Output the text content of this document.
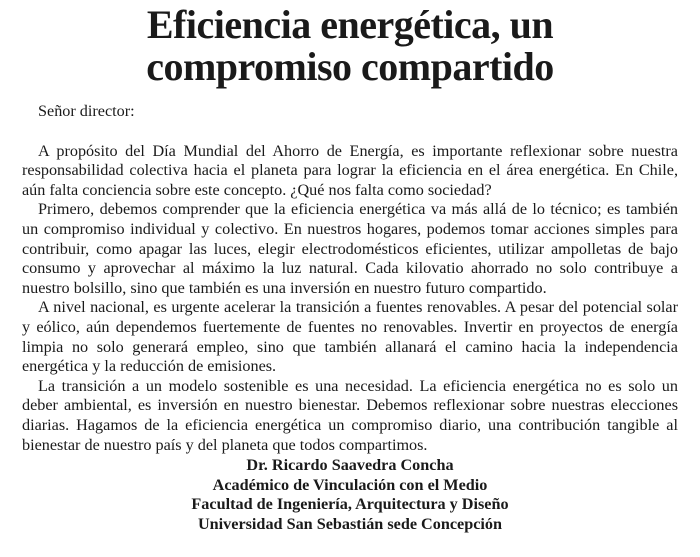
Eficiencia energética, un
compromiso compartido

Señor director:

A propósito del Día Mundial del Ahorro de Energía, es importante reflexionar sobre nuestra responsabilidad colectiva hacia el planeta para lograr la eficiencia en el área energética. En Chile, aún falta conciencia sobre este concepto. ¿Qué nos falta como sociedad?

Primero, debemos comprender que la eficiencia energética va más allá de lo técnico; es también un compromiso individual y colectivo. En nuestros hogares, podemos tomar acciones simples para contribuir, como apagar las luces, elegir electrodomésticos eficientes, utilizar ampolletas de bajo consumo y aprovechar al máximo la luz natural. Cada kilovatio ahorrado no solo contribuye a nuestro bolsillo, sino que también es una inversión en nuestro futuro compartido.

A nivel nacional, es urgente acelerar la transición a fuentes renovables. A pesar del potencial solar y eólico, aún dependemos fuertemente de fuentes no renovables. Invertir en proyectos de energía limpia no solo generará empleo, sino que también allanará el camino hacia la independencia energética y la reducción de emisiones.

La transición a un modelo sostenible es una necesidad. La eficiencia energética no es solo un deber ambiental, es inversión en nuestro bienestar. Debemos reflexionar sobre nuestras elecciones diarias. Hagamos de la eficiencia energética un compromiso diario, una contribución tangible al bienestar de nuestro país y del planeta que todos compartimos.

Dr. Ricardo Saavedra Concha
Académico de Vinculación con el Medio
Facultad de Ingeniería, Arquitectura y Diseño
Universidad San Sebastián sede Concepción
